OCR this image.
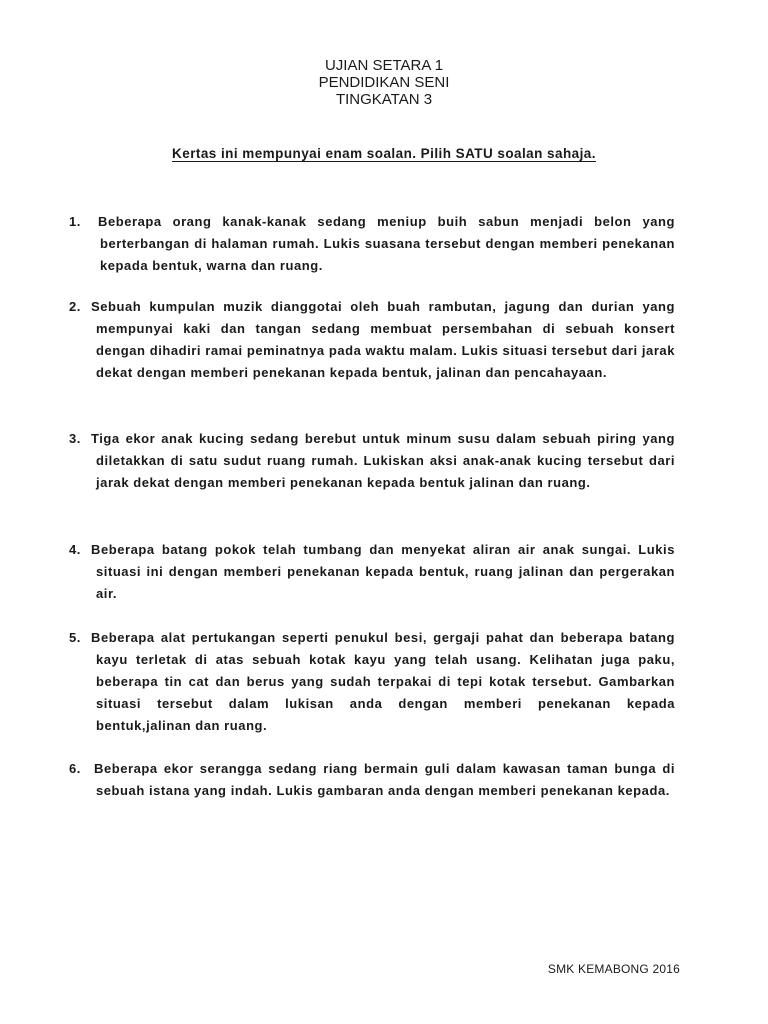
UJIAN SETARA 1
PENDIDIKAN SENI
TINGKATAN 3
Kertas ini mempunyai enam soalan. Pilih SATU soalan sahaja.
1.	Beberapa orang kanak-kanak sedang meniup buih sabun menjadi belon yang berterbangan di halaman rumah. Lukis suasana tersebut dengan memberi penekanan kepada bentuk, warna dan ruang.
2. Sebuah kumpulan muzik dianggotai oleh buah rambutan, jagung dan durian yang mempunyai kaki dan tangan sedang membuat persembahan di sebuah konsert dengan dihadiri ramai peminatnya pada waktu malam. Lukis situasi tersebut dari jarak dekat dengan memberi penekanan kepada bentuk, jalinan dan pencahayaan.
3. Tiga ekor anak kucing sedang berebut untuk minum susu dalam sebuah piring yang diletakkan di satu sudut ruang rumah. Lukiskan aksi anak-anak kucing tersebut dari jarak dekat dengan memberi penekanan kepada bentuk jalinan dan ruang.
4. Beberapa batang pokok telah tumbang dan menyekat aliran air anak sungai. Lukis situasi ini dengan memberi penekanan kepada bentuk, ruang jalinan dan pergerakan air.
5. Beberapa alat pertukangan seperti penukul besi, gergaji pahat dan beberapa batang kayu terletak di atas sebuah kotak kayu yang telah usang. Kelihatan juga paku, beberapa tin cat dan berus yang sudah terpakai di tepi kotak tersebut. Gambarkan situasi tersebut dalam lukisan anda dengan memberi penekanan kepada bentuk,jalinan dan ruang.
6.	Beberapa ekor serangga sedang riang bermain guli dalam kawasan taman bunga di sebuah istana yang indah. Lukis gambaran anda dengan memberi penekanan kepada.
SMK KEMABONG 2016
